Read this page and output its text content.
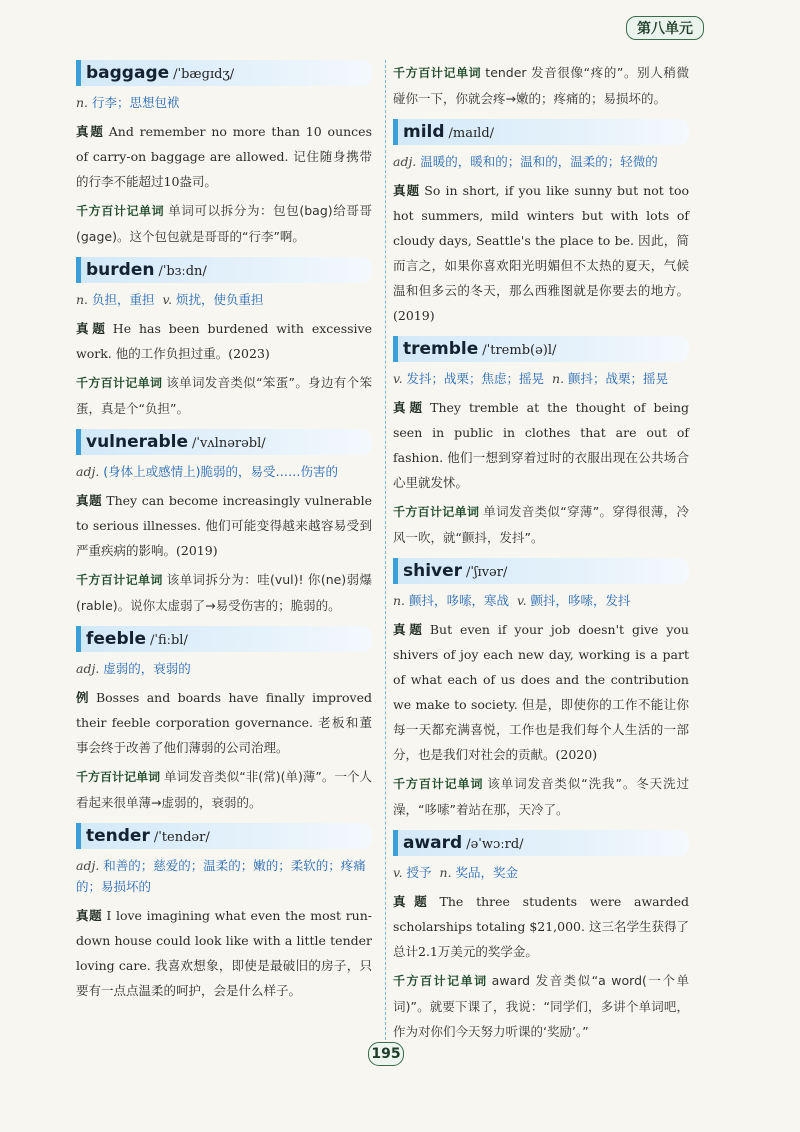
第八单元
baggage /ˈbæɡɪdʒ/
n. 行李；思想包袱

真题 And remember no more than 10 ounces of carry-on baggage are allowed. 记住随身携带的行李不能超过10盎司。

千方百计记单词 单词可以拆分为：包包(bag)给哥哥(gage)。这个包包就是哥哥的“行李”啊。

burden /ˈbɜːdn/
n. 负担，重担 v. 烦扰，使负重担

真题 He has been burdened with excessive work. 他的工作负担过重。(2023)

千方百计记单词 该单词发音类似“笨蛋”。身边有个笨蛋，真是个“负担”。

vulnerable /ˈvʌlnərəbl/
adj. (身体上或感情上)脆弱的，易受……伤害的

真题 They can become increasingly vulnerable to serious illnesses. 他们可能变得越来越容易受到严重疾病的影响。(2019)

千方百计记单词 该单词拆分为：哇(vul)! 你(ne)弱爆(rable)。说你太虚弱了→易受伤害的；脆弱的。

feeble /ˈfiːbl/
adj. 虚弱的，衰弱的

例 Bosses and boards have finally improved their feeble corporation governance. 老板和董事会终于改善了他们薄弱的公司治理。

千方百计记单词 单词发音类似“非(常)(单)薄”。一个人看起来很单薄→虚弱的，衰弱的。

tender /ˈtendər/
adj. 和善的；慈爱的；温柔的；嫩的；柔软的；疼痛的；易损坏的

真题 I love imagining what even the most run-down house could look like with a little tender loving care. 我喜欢想象，即使是最破旧的房子，只要有一点点温柔的呵护，会是什么样子。

千方百计记单词 tender 发音很像“疼的”。别人稍微碰你一下，你就会疼→嫩的；疼痛的；易损坏的。

mild /maɪld/
adj. 温暖的，暖和的；温和的，温柔的；轻微的

真题 So in short, if you like sunny but not too hot summers, mild winters but with lots of cloudy days, Seattle's the place to be. 因此，简而言之，如果你喜欢阳光明媚但不太热的夏天，气候温和但多云的冬天，那么西雅图就是你要去的地方。(2019)

tremble /ˈtremb(ə)l/
v. 发抖；战栗；焦虑；摇晃 n. 颤抖；战栗；摇晃

真题 They tremble at the thought of being seen in public in clothes that are out of fashion. 他们一想到穿着过时的衣服出现在公共场合心里就发怵。

千方百计记单词 单词发音类似“穿薄”。穿得很薄，冷风一吹，就“颤抖，发抖”。

shiver /ˈʃɪvər/
n. 颤抖，哆嗦，寒战 v. 颤抖，哆嗦，发抖

真题 But even if your job doesn't give you shivers of joy each new day, working is a part of what each of us does and the contribution we make to society. 但是，即使你的工作不能让你每一天都充满喜悦，工作也是我们每个人生活的一部分，也是我们对社会的贡献。(2020)

千方百计记单词 该单词发音类似“洗我”。冬天洗过澡，“哆嗦”着站在那，天冷了。

award /əˈwɔːrd/
v. 授予 n. 奖品，奖金

真题 The three students were awarded scholarships totaling $21,000. 这三名学生获得了总计2.1万美元的奖学金。

千方百计记单词 award 发音类似“a word(一个单词)”。就要下课了，我说：“同学们，多讲个单词吧，作为对你们今天努力听课的‘奖励’。”

195
